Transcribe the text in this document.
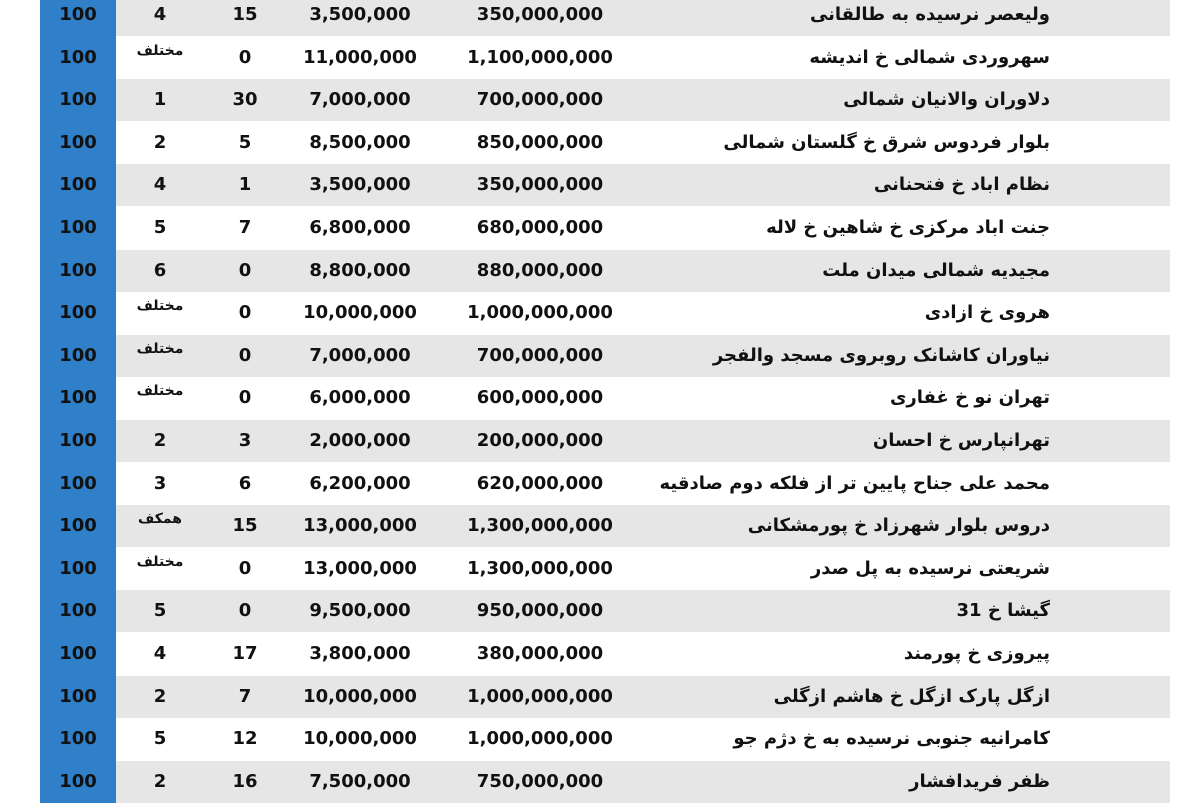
100	4	15	3,500,000	350,000,000	ولیعصر نرسیده به طالقانی
100	مختلف	0	11,000,000	1,100,000,000	سهروردی شمالی خ اندیشه
100	1	30	7,000,000	700,000,000	دلاوران والانیان شمالی
100	2	5	8,500,000	850,000,000	بلوار فردوس شرق خ گلستان شمالی
100	4	1	3,500,000	350,000,000	نظام اباد خ فتحنانی
100	5	7	6,800,000	680,000,000	جنت اباد مرکزی خ شاهین خ لاله
100	6	0	8,800,000	880,000,000	مجیدیه شمالی میدان ملت
100	مختلف	0	10,000,000	1,000,000,000	هروی خ ازادی
100	مختلف	0	7,000,000	700,000,000	نیاوران کاشانک روبروی مسجد والفجر
100	مختلف	0	6,000,000	600,000,000	تهران نو خ غفاری
100	2	3	2,000,000	200,000,000	تهرانپارس خ احسان
100	3	6	6,200,000	620,000,000	محمد علی جناح پایین تر از فلکه دوم صادقیه
100	همکف	15	13,000,000	1,300,000,000	دروس بلوار شهرزاد خ پورمشکانی
100	مختلف	0	13,000,000	1,300,000,000	شریعتی نرسیده به پل صدر
100	5	0	9,500,000	950,000,000	گیشا خ 31
100	4	17	3,800,000	380,000,000	پیروزی خ پورمند
100	2	7	10,000,000	1,000,000,000	ازگل پارک ازگل خ هاشم ازگلی
100	5	12	10,000,000	1,000,000,000	کامرانیه جنوبی نرسیده به خ دژم جو
100	2	16	7,500,000	750,000,000	ظفر فریدافشار
